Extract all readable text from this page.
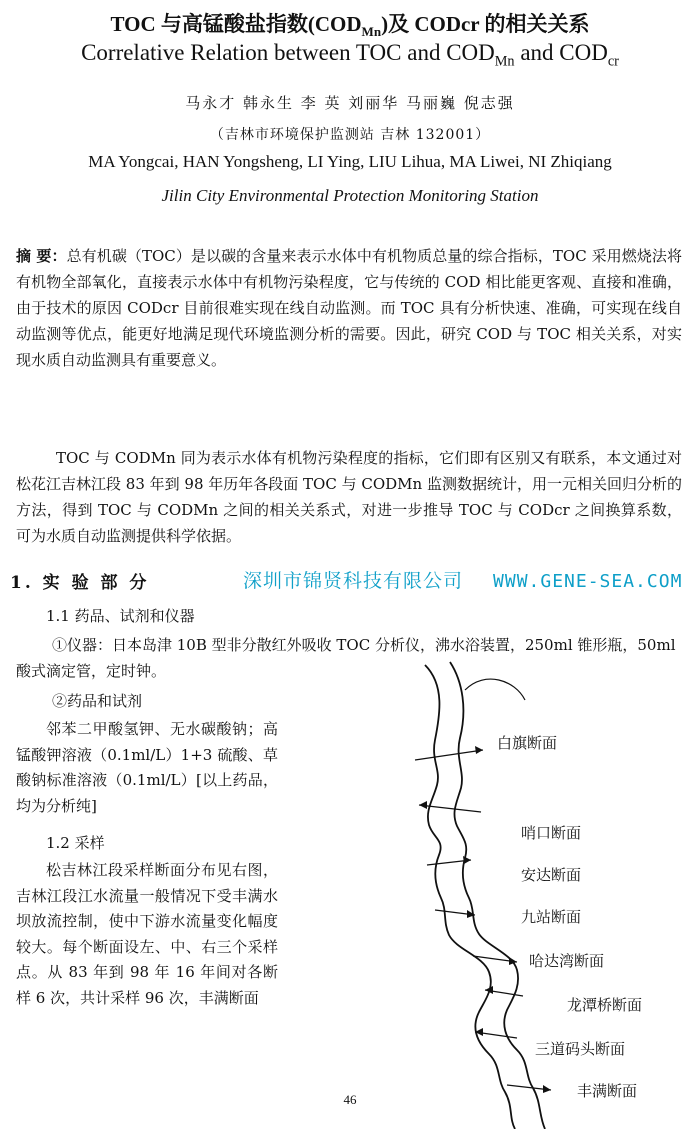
TOC 与高锰酸盐指数$(COD_{Mn})$及 CODcr 的相关关系
Correlative Relation between TOC and $COD_{Mn}$ and $COD_{cr}$
马永才 韩永生 李 英 刘丽华 马丽巍 倪志强
（吉林市环境保护监测站 吉林 132001）
MA Yongcai, HAN Yongsheng, LI Ying, LIU Lihua, MA Liwei, NI Zhiqiang
Jilin City Environmental Protection Monitoring Station
摘 要：总有机碳（TOC）是以碳的含量来表示水体中有机物质总量的综合指标，TOC 采用燃烧法将有机物全部氧化，直接表示水体中有机物污染程度，它与传统的 COD 相比能更客观、直接和准确，由于技术的原因 CODcr 目前很难实现在线自动监测。而 TOC 具有分析快速、准确，可实现在线自动监测等优点，能更好地满足现代环境监测分析的需要。因此，研究 COD 与 TOC 相关关系，对实现水质自动监测具有重要意义。
TOC 与 CODMn 同为表示水体有机物污染程度的指标，它们即有区别又有联系，本文通过对松花江吉林江段 83 年到 98 年历年各段面 TOC 与 CODMn 监测数据统计，用一元相关回归分析的方法，得到 TOC 与 CODMn 之间的相关关系式，对进一步推导 TOC 与 CODcr 之间换算系数，可为水质自动监测提供科学依据。
1. 实 验 部 分	深圳市锦贤科技有限公司 WWW.GENE-SEA.COM
1.1 药品、试剂和仪器
①仪器：日本岛津 10B 型非分散红外吸收 TOC 分析仪，沸水浴装置，250ml 锥形瓶，50ml 酸式滴定管，定时钟。
②药品和试剂
邻苯二甲酸氢钾、无水碳酸钠；高锰酸钾溶液（0.1ml/L）1+3 硫酸、草酸钠标准溶液（0.1ml/L）[以上药品，均为分析纯]
1.2 采样
松吉林江段采样断面分布见右图，吉林江段江水流量一般情况下受丰满水坝放流控制，使中下游水流量变化幅度较大。每个断面设左、中、右三个采样点。从 83 年到 98 年 16 年间对各断样 6 次，共计采样 96 次，丰满断面
白旗断面
哨口断面
安达断面
九站断面
哈达湾断面
龙潭桥断面
三道码头断面
丰满断面
46
